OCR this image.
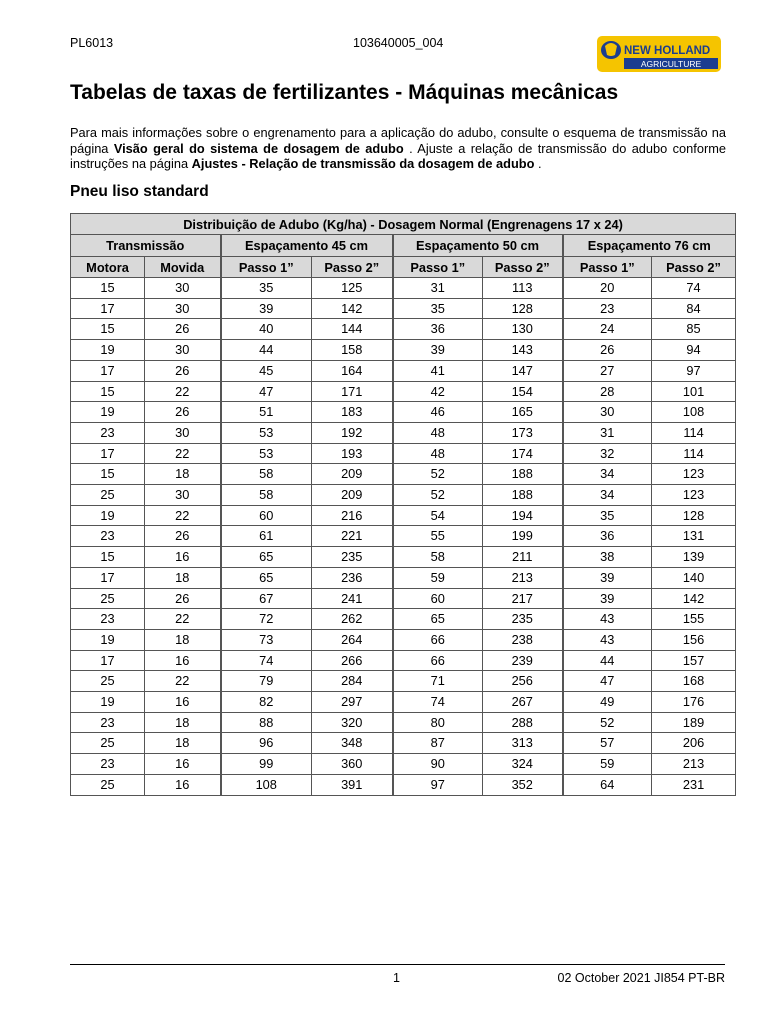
PL6013	103640005_004
NEW HOLLAND
AGRICULTURE
Tabelas de taxas de fertilizantes - Máquinas mecânicas

Para mais informações sobre o engrenamento para a aplicação do adubo, consulte o esquema de transmissão na página Visão geral do sistema de dosagem de adubo . Ajuste a relação de transmissão do adubo conforme instruções na página Ajustes - Relação de transmissão da dosagem de adubo .

Pneu liso standard
Distribuição de Adubo (Kg/ha) - Dosagem Normal (Engrenagens 17 x 24)							
Transmissão		Espaçamento 45 cm		Espaçamento 50 cm		Espaçamento 76 cm	
Motora	Movida	Passo 1”	Passo 2”	Passo 1”	Passo 2”	Passo 1”	Passo 2”
15	30	35	125	31	113	20	74
17	30	39	142	35	128	23	84
15	26	40	144	36	130	24	85
19	30	44	158	39	143	26	94
17	26	45	164	41	147	27	97
15	22	47	171	42	154	28	101
19	26	51	183	46	165	30	108
23	30	53	192	48	173	31	114
17	22	53	193	48	174	32	114
15	18	58	209	52	188	34	123
25	30	58	209	52	188	34	123
19	22	60	216	54	194	35	128
23	26	61	221	55	199	36	131
15	16	65	235	58	211	38	139
17	18	65	236	59	213	39	140
25	26	67	241	60	217	39	142
23	22	72	262	65	235	43	155
19	18	73	264	66	238	43	156
17	16	74	266	66	239	44	157
25	22	79	284	71	256	47	168
19	16	82	297	74	267	49	176
23	18	88	320	80	288	52	189
25	18	96	348	87	313	57	206
23	16	99	360	90	324	59	213
25	16	108	391	97	352	64	231
1	02 October 2021 JI854 PT-BR
